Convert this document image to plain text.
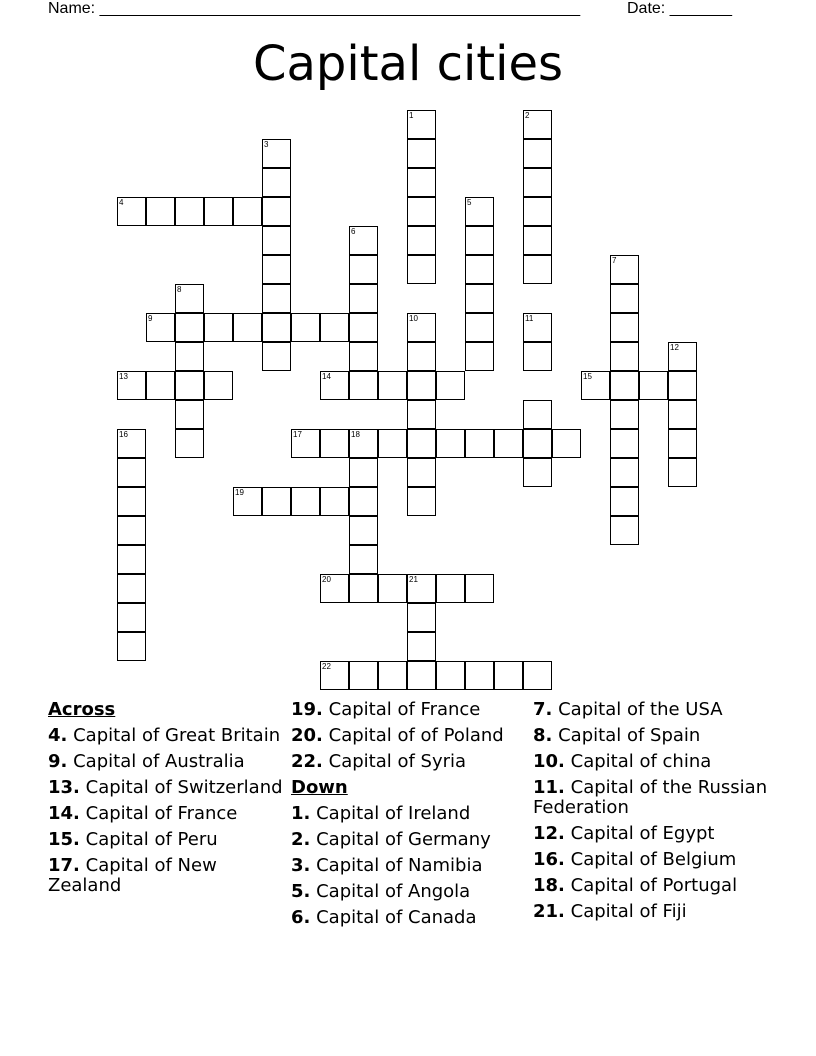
Name: ______________________________________________________	Date: _______
Capital cities
1	2
3
4	5
6
7
8
9	10	11
12
13	14	15
16	17	18
19
20	21
22
Across
4. Capital of Great Britain
9. Capital of Australia
13. Capital of Switzerland
14. Capital of France
15. Capital of Peru
17. Capital of New Zealand
19. Capital of France
20. Capital of of Poland
22. Capital of Syria
Down
1. Capital of Ireland
2. Capital of Germany
3. Capital of Namibia
5. Capital of Angola
6. Capital of Canada
7. Capital of the USA
8. Capital of Spain
10. Capital of china
11. Capital of the Russian Federation
12. Capital of Egypt
16. Capital of Belgium
18. Capital of Portugal
21. Capital of Fiji
